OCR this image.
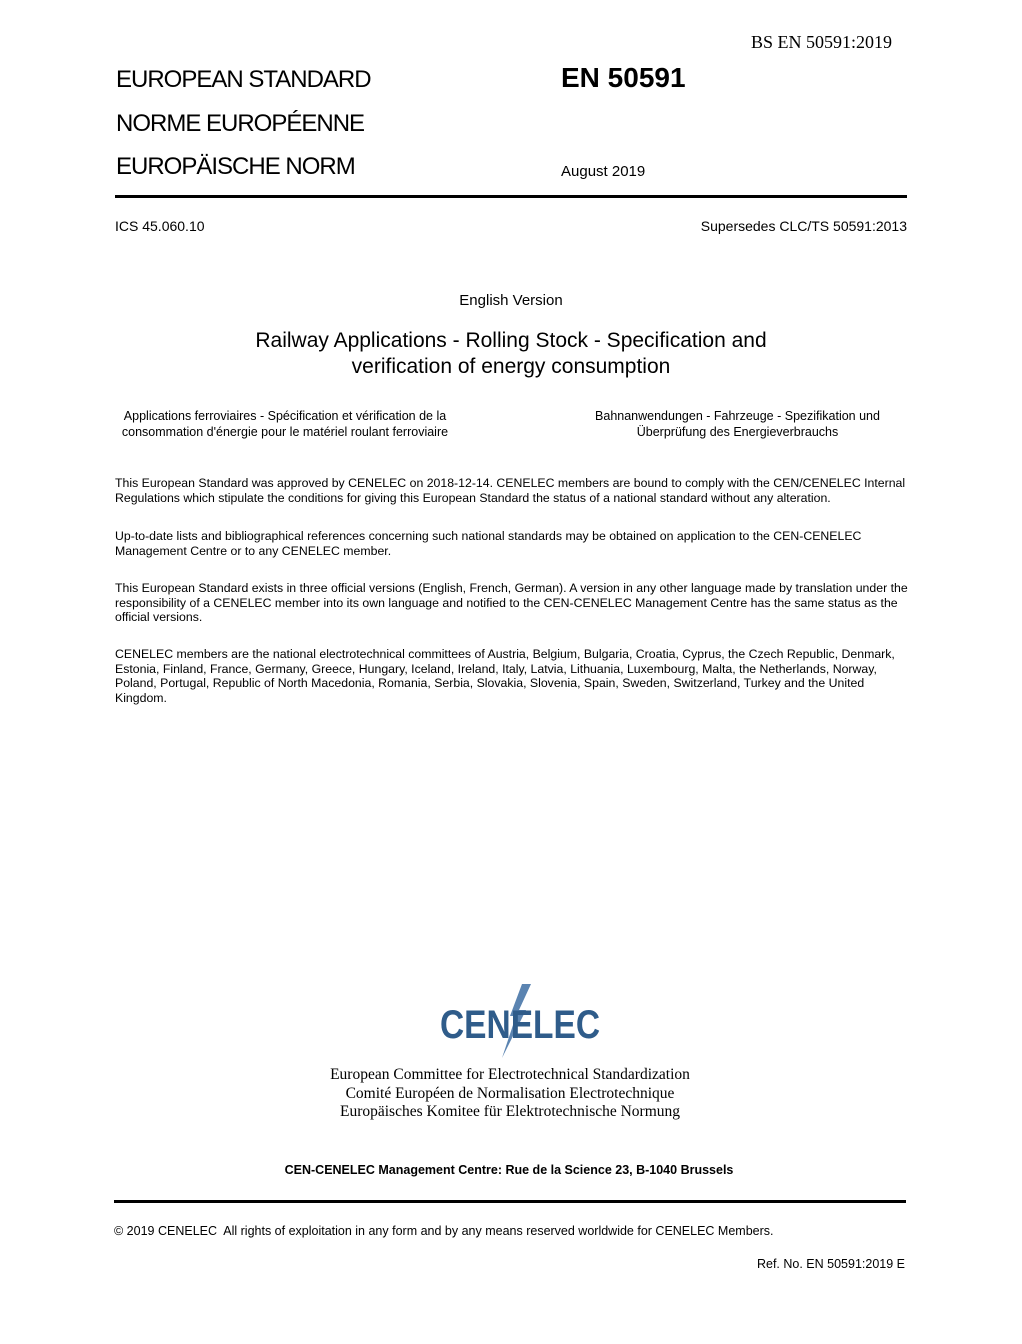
BS EN 50591:2019
EUROPEAN STANDARD
NORME EUROPÉENNE
EUROPÄISCHE NORM
EN 50591
August 2019
ICS 45.060.10	Supersedes CLC/TS 50591:2013
English Version
Railway Applications - Rolling Stock - Specification and
verification of energy consumption
Applications ferroviaires - Spécification et vérification de la
consommation d'énergie pour le matériel roulant ferroviaire
Bahnanwendungen - Fahrzeuge - Spezifikation und
Überprüfung des Energieverbrauchs
This European Standard was approved by CENELEC on 2018-12-14. CENELEC members are bound to comply with the CEN/CENELEC Internal Regulations which stipulate the conditions for giving this European Standard the status of a national standard without any alteration.
Up-to-date lists and bibliographical references concerning such national standards may be obtained on application to the CEN-CENELEC Management Centre or to any CENELEC member.
This European Standard exists in three official versions (English, French, German). A version in any other language made by translation under the responsibility of a CENELEC member into its own language and notified to the CEN-CENELEC Management Centre has the same status as the official versions.
CENELEC members are the national electrotechnical committees of Austria, Belgium, Bulgaria, Croatia, Cyprus, the Czech Republic, Denmark, Estonia, Finland, France, Germany, Greece, Hungary, Iceland, Ireland, Italy, Latvia, Lithuania, Luxembourg, Malta, the Netherlands, Norway, Poland, Portugal, Republic of North Macedonia, Romania, Serbia, Slovakia, Slovenia, Spain, Sweden, Switzerland, Turkey and the United Kingdom.
CENELEC
European Committee for Electrotechnical Standardization
Comité Européen de Normalisation Electrotechnique
Europäisches Komitee für Elektrotechnische Normung
CEN-CENELEC Management Centre: Rue de la Science 23, B-1040 Brussels
© 2019 CENELEC  All rights of exploitation in any form and by any means reserved worldwide for CENELEC Members.
Ref. No. EN 50591:2019 E
